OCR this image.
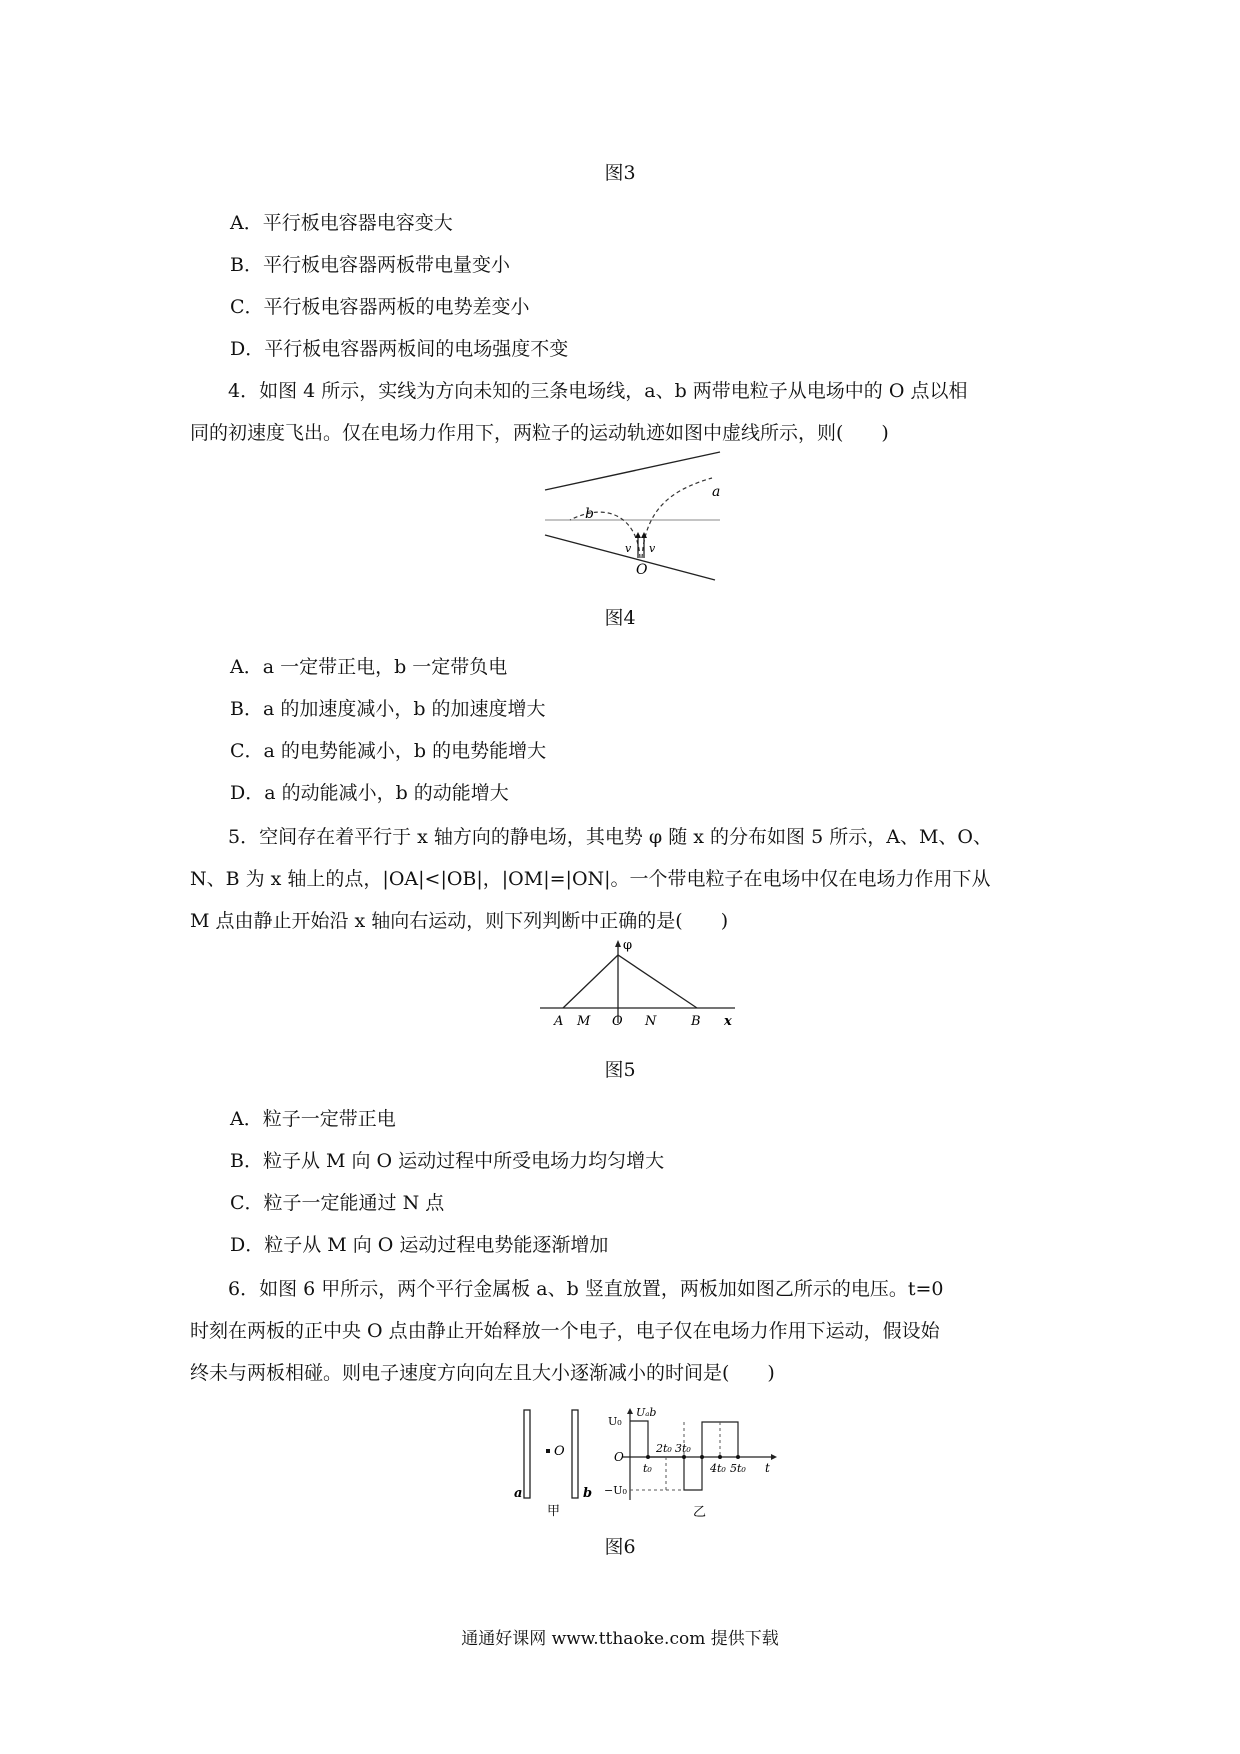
图3
A．平行板电容器电容变大
B．平行板电容器两板带电量变小
C．平行板电容器两板的电势差变小
D．平行板电容器两板间的电场强度不变
4．如图 4 所示，实线为方向未知的三条电场线，a、b 两带电粒子从电场中的 O 点以相
同的初速度飞出。仅在电场力作用下，两粒子的运动轨迹如图中虚线所示，则(　　)
a
b
v v
O
图4
A．a 一定带正电，b 一定带负电
B．a 的加速度减小，b 的加速度增大
C．a 的电势能减小，b 的电势能增大
D．a 的动能减小，b 的动能增大
5．空间存在着平行于 x 轴方向的静电场，其电势 φ 随 x 的分布如图 5 所示，A、M、O、
N、B 为 x 轴上的点，|OA|<|OB|，|OM|=|ON|。一个带电粒子在电场中仅在电场力作用下从
M 点由静止开始沿 x 轴向右运动，则下列判断中正确的是(　　)
φ
A M O N	B x
图5
A．粒子一定带正电
B．粒子从 M 向 O 运动过程中所受电场力均匀增大
C．粒子一定能通过 N 点
D．粒子从 M 向 O 运动过程电势能逐渐增加
6．如图 6 甲所示，两个平行金属板 a、b 竖直放置，两板加如图乙所示的电压。t=0
时刻在两板的正中央 O 点由静止开始释放一个电子，电子仅在电场力作用下运动，假设始
终未与两板相碰。则电子速度方向向左且大小逐渐减小的时间是(　　)
O
a	b
甲
U₀
−U₀
Uₐb
O
t₀
2t₀ 3t₀
4t₀ 5t₀ t
乙
图6
通通好课网 www.tthaoke.com 提供下载
